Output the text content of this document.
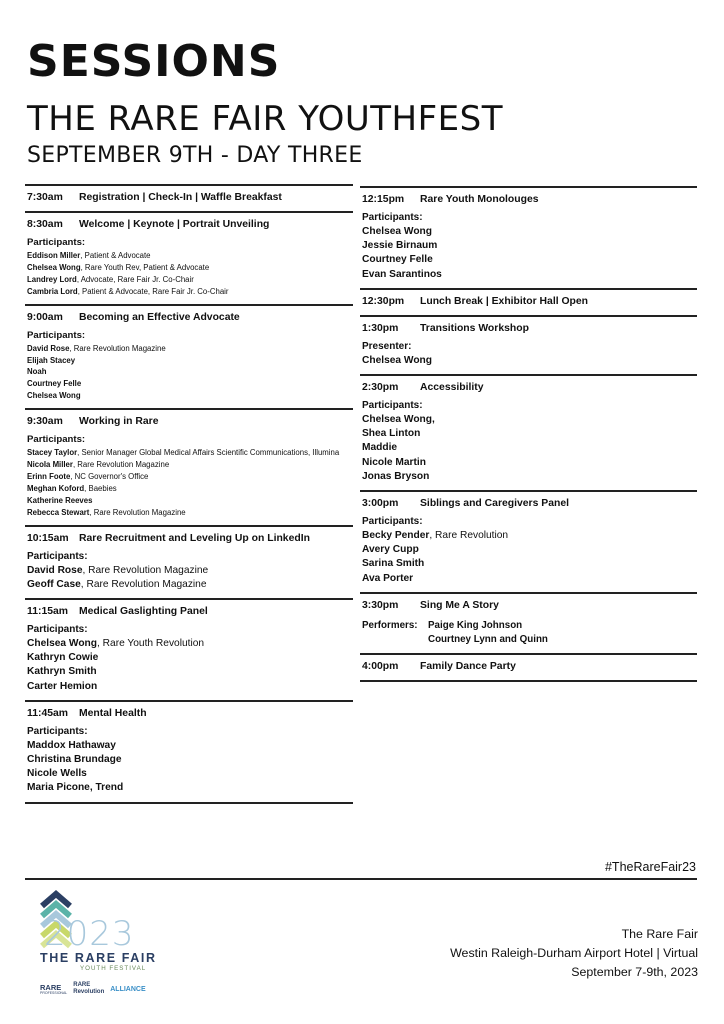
SESSIONS
THE RARE FAIR YOUTHFEST
SEPTEMBER 9TH - DAY THREE
7:30am	Registration | Check-In | Waffle Breakfast
8:30am	Welcome | Keynote | Portrait Unveiling
Participants:
Eddison Miller, Patient & Advocate
Chelsea Wong, Rare Youth Rev, Patient & Advocate
Landrey Lord, Advocate, Rare Fair Jr. Co-Chair
Cambria Lord, Patient & Advocate, Rare Fair Jr. Co-Chair
9:00am	Becoming an Effective Advocate
Participants:
David Rose, Rare Revolution Magazine
Elijah Stacey
Noah
Courtney Felle
Chelsea Wong
9:30am	Working in Rare
Participants:
Stacey Taylor, Senior Manager Global Medical Affairs Scientific Communications, Illumina
Nicola Miller, Rare Revolution Magazine
Erinn Foote, NC Governor's Office
Meghan Koford, Baebies
Katherine Reeves
Rebecca Stewart, Rare Revolution Magazine
10:15am	Rare Recruitment and Leveling Up on LinkedIn
Participants:
David Rose, Rare Revolution Magazine
Geoff Case, Rare Revolution Magazine
11:15am	Medical Gaslighting Panel
Participants:
Chelsea Wong, Rare Youth Revolution
Kathryn Cowie
Kathryn Smith
Carter Hemion
11:45am	Mental Health
Participants:
Maddox Hathaway
Christina Brundage
Nicole Wells
Maria Picone, Trend
12:15pm	Rare Youth Monolouges
Participants:
Chelsea Wong
Jessie Birnaum
Courtney Felle
Evan Sarantinos
12:30pm	Lunch Break | Exhibitor Hall Open
1:30pm	Transitions Workshop
Presenter:
Chelsea Wong
2:30pm	Accessibility
Participants:
Chelsea Wong,
Shea Linton
Maddie
Nicole Martin
Jonas Bryson
3:00pm	Siblings and Caregivers Panel
Participants:
Becky Pender, Rare Revolution
Avery Cupp
Sarina Smith
Ava Porter
3:30pm	Sing Me A Story
Performers:	Paige King Johnson
Courtney Lynn and Quinn
4:00pm	Family Dance Party
#TheRareFair23
2023
THE RARE FAIR
YOUTH FESTIVAL
RARE
PROFESSIONAL
RARE
Revolution ALLIANCE
The Rare Fair
Westin Raleigh-Durham Airport Hotel | Virtual
September 7-9th, 2023
